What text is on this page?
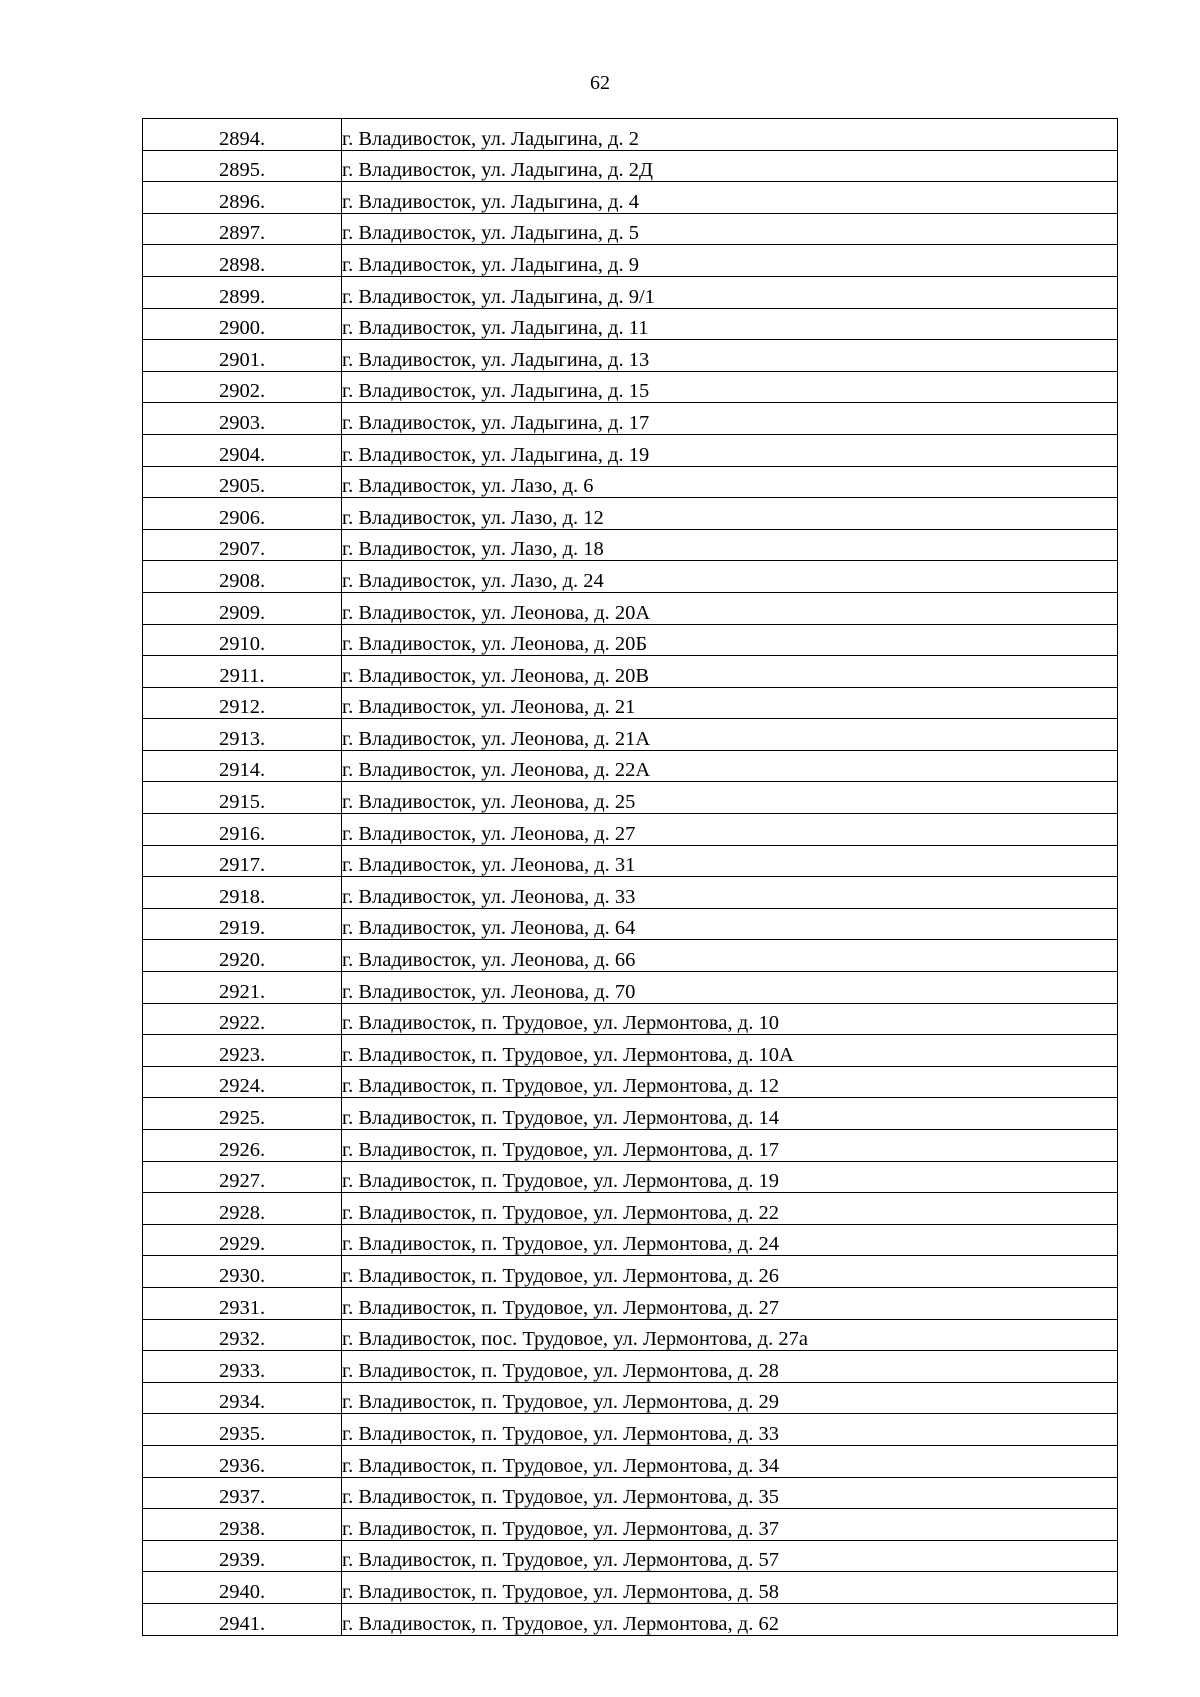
62
2894.	г. Владивосток, ул. Ладыгина, д. 2
2895.	г. Владивосток, ул. Ладыгина, д. 2Д
2896.	г. Владивосток, ул. Ладыгина, д. 4
2897.	г. Владивосток, ул. Ладыгина, д. 5
2898.	г. Владивосток, ул. Ладыгина, д. 9
2899.	г. Владивосток, ул. Ладыгина, д. 9/1
2900.	г. Владивосток, ул. Ладыгина, д. 11
2901.	г. Владивосток, ул. Ладыгина, д. 13
2902.	г. Владивосток, ул. Ладыгина, д. 15
2903.	г. Владивосток, ул. Ладыгина, д. 17
2904.	г. Владивосток, ул. Ладыгина, д. 19
2905.	г. Владивосток, ул. Лазо, д. 6
2906.	г. Владивосток, ул. Лазо, д. 12
2907.	г. Владивосток, ул. Лазо, д. 18
2908.	г. Владивосток, ул. Лазо, д. 24
2909.	г. Владивосток, ул. Леонова, д. 20А
2910.	г. Владивосток, ул. Леонова, д. 20Б
2911.	г. Владивосток, ул. Леонова, д. 20В
2912.	г. Владивосток, ул. Леонова, д. 21
2913.	г. Владивосток, ул. Леонова, д. 21А
2914.	г. Владивосток, ул. Леонова, д. 22А
2915.	г. Владивосток, ул. Леонова, д. 25
2916.	г. Владивосток, ул. Леонова, д. 27
2917.	г. Владивосток, ул. Леонова, д. 31
2918.	г. Владивосток, ул. Леонова, д. 33
2919.	г. Владивосток, ул. Леонова, д. 64
2920.	г. Владивосток, ул. Леонова, д. 66
2921.	г. Владивосток, ул. Леонова, д. 70
2922.	г. Владивосток, п. Трудовое, ул. Лермонтова, д. 10
2923.	г. Владивосток, п. Трудовое, ул. Лермонтова, д. 10А
2924.	г. Владивосток, п. Трудовое, ул. Лермонтова, д. 12
2925.	г. Владивосток, п. Трудовое, ул. Лермонтова, д. 14
2926.	г. Владивосток, п. Трудовое, ул. Лермонтова, д. 17
2927.	г. Владивосток, п. Трудовое, ул. Лермонтова, д. 19
2928.	г. Владивосток, п. Трудовое, ул. Лермонтова, д. 22
2929.	г. Владивосток, п. Трудовое, ул. Лермонтова, д. 24
2930.	г. Владивосток, п. Трудовое, ул. Лермонтова, д. 26
2931.	г. Владивосток, п. Трудовое, ул. Лермонтова, д. 27
2932.	г. Владивосток, пос. Трудовое, ул. Лермонтова, д. 27а
2933.	г. Владивосток, п. Трудовое, ул. Лермонтова, д. 28
2934.	г. Владивосток, п. Трудовое, ул. Лермонтова, д. 29
2935.	г. Владивосток, п. Трудовое, ул. Лермонтова, д. 33
2936.	г. Владивосток, п. Трудовое, ул. Лермонтова, д. 34
2937.	г. Владивосток, п. Трудовое, ул. Лермонтова, д. 35
2938.	г. Владивосток, п. Трудовое, ул. Лермонтова, д. 37
2939.	г. Владивосток, п. Трудовое, ул. Лермонтова, д. 57
2940.	г. Владивосток, п. Трудовое, ул. Лермонтова, д. 58
2941.	г. Владивосток, п. Трудовое, ул. Лермонтова, д. 62
